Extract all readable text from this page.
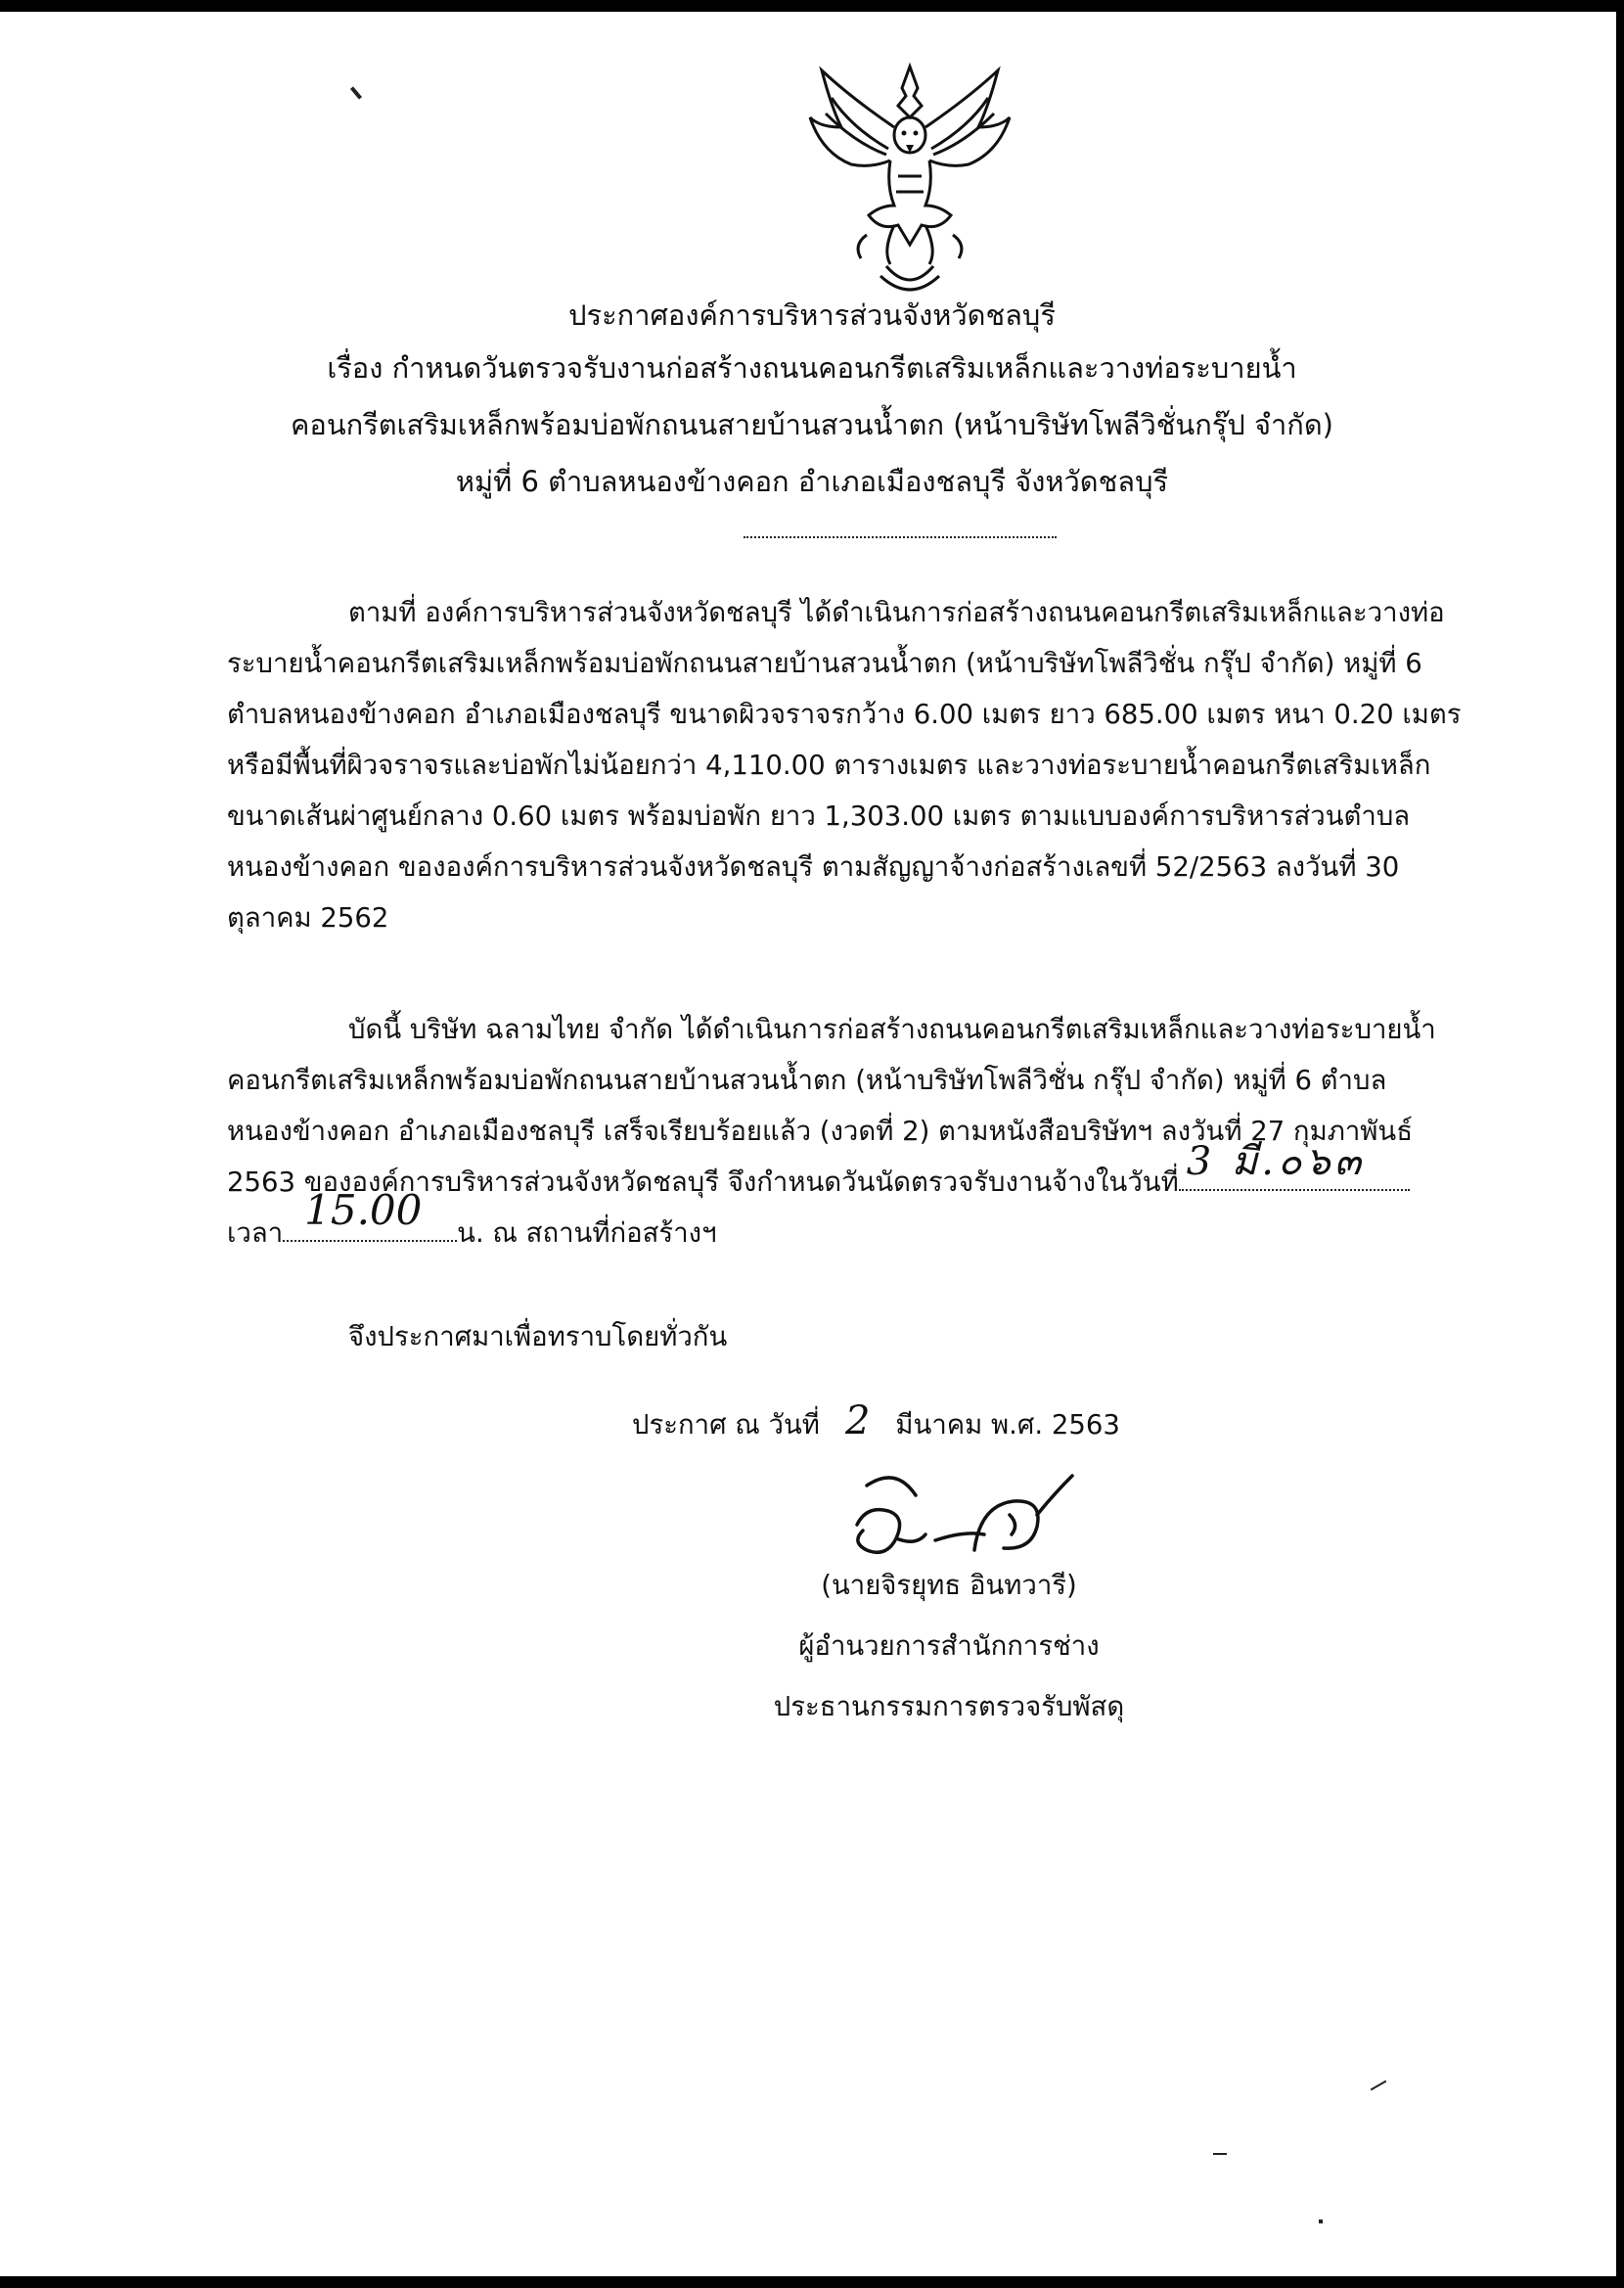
ประกาศองค์การบริหารส่วนจังหวัดชลบุรี
เรื่อง กำหนดวันตรวจรับงานก่อสร้างถนนคอนกรีตเสริมเหล็กและวางท่อระบายน้ำ
คอนกรีตเสริมเหล็กพร้อมบ่อพักถนนสายบ้านสวนน้ำตก (หน้าบริษัทโพลีวิชั่นกรุ๊ป จำกัด)
หมู่ที่ 6 ตำบลหนองข้างคอก อำเภอเมืองชลบุรี จังหวัดชลบุรี
ตามที่ องค์การบริหารส่วนจังหวัดชลบุรี ได้ดำเนินการก่อสร้างถนนคอนกรีตเสริมเหล็กและวางท่อ
ระบายน้ำคอนกรีตเสริมเหล็กพร้อมบ่อพักถนนสายบ้านสวนน้ำตก (หน้าบริษัทโพลีวิชั่น กรุ๊ป จำกัด) หมู่ที่ 6
ตำบลหนองข้างคอก อำเภอเมืองชลบุรี ขนาดผิวจราจรกว้าง 6.00 เมตร ยาว 685.00 เมตร หนา 0.20 เมตร
หรือมีพื้นที่ผิวจราจรและบ่อพักไม่น้อยกว่า 4,110.00 ตารางเมตร และวางท่อระบายน้ำคอนกรีตเสริมเหล็ก
ขนาดเส้นผ่าศูนย์กลาง 0.60 เมตร พร้อมบ่อพัก ยาว 1,303.00 เมตร ตามแบบองค์การบริหารส่วนตำบล
หนองข้างคอก ขององค์การบริหารส่วนจังหวัดชลบุรี ตามสัญญาจ้างก่อสร้างเลขที่ 52/2563 ลงวันที่ 30
ตุลาคม 2562
บัดนี้ บริษัท ฉลามไทย จำกัด ได้ดำเนินการก่อสร้างถนนคอนกรีตเสริมเหล็กและวางท่อระบายน้ำ
คอนกรีตเสริมเหล็กพร้อมบ่อพักถนนสายบ้านสวนน้ำตก (หน้าบริษัทโพลีวิชั่น กรุ๊ป จำกัด) หมู่ที่ 6 ตำบล
หนองข้างคอก อำเภอเมืองชลบุรี เสร็จเรียบร้อยแล้ว (งวดที่ 2) ตามหนังสือบริษัทฯ ลงวันที่ 27 กุมภาพันธ์
2563 ขององค์การบริหารส่วนจังหวัดชลบุรี จึงกำหนดวันนัดตรวจรับงานจ้างในวันที่ 3 มี.๐๖๓
เวลา 15.00 น. ณ สถานที่ก่อสร้างฯ
จึงประกาศมาเพื่อทราบโดยทั่วกัน
ประกาศ ณ วันที่ 2 มีนาคม พ.ศ. 2563
(นายจิรยุทธ อินทวารี)
ผู้อำนวยการสำนักการช่าง
ประธานกรรมการตรวจรับพัสดุ
